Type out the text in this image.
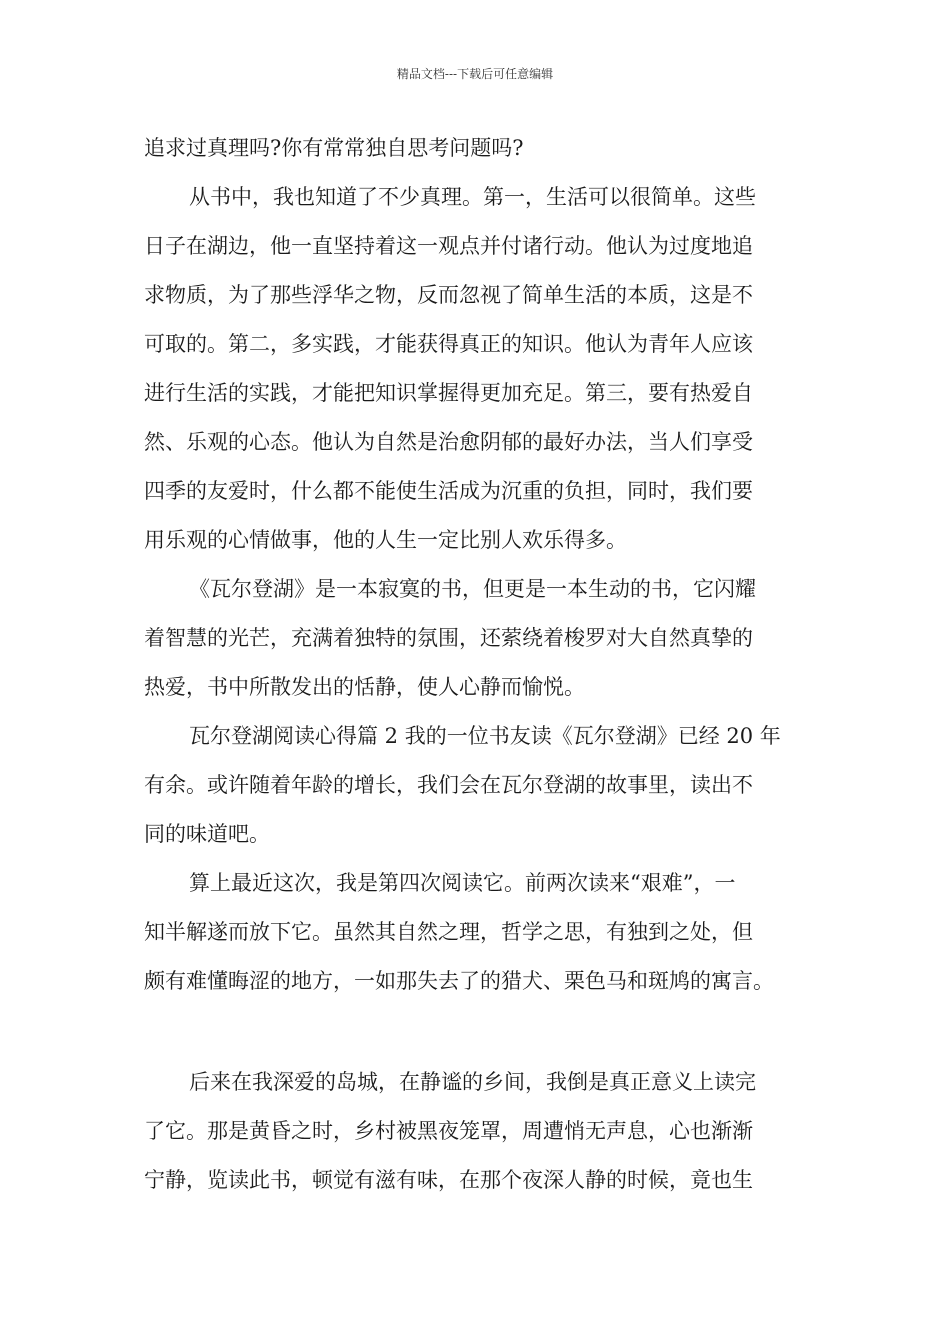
精品文档---下载后可任意编辑
追求过真理吗?你有常常独自思考问题吗?
从书中，我也知道了不少真理。第一，生活可以很简单。这些
日子在湖边，他一直坚持着这一观点并付诸行动。他认为过度地追
求物质，为了那些浮华之物，反而忽视了简单生活的本质，这是不
可取的。第二，多实践，才能获得真正的知识。他认为青年人应该
进行生活的实践，才能把知识掌握得更加充足。第三，要有热爱自
然、乐观的心态。他认为自然是治愈阴郁的最好办法，当人们享受
四季的友爱时，什么都不能使生活成为沉重的负担，同时，我们要
用乐观的心情做事，他的人生一定比别人欢乐得多。
《瓦尔登湖》是一本寂寞的书，但更是一本生动的书，它闪耀
着智慧的光芒，充满着独特的氛围，还萦绕着梭罗对大自然真挚的
热爱，书中所散发出的恬静，使人心静而愉悦。
瓦尔登湖阅读心得篇 2 我的一位书友读《瓦尔登湖》已经 20 年
有余。或许随着年龄的增长，我们会在瓦尔登湖的故事里，读出不
同的味道吧。
算上最近这次，我是第四次阅读它。前两次读来“艰难”，一
知半解遂而放下它。虽然其自然之理，哲学之思，有独到之处，但
颇有难懂晦涩的地方，一如那失去了的猎犬、栗色马和斑鸠的寓言。
后来在我深爱的岛城，在静谧的乡间，我倒是真正意义上读完
了它。那是黄昏之时，乡村被黑夜笼罩，周遭悄无声息，心也渐渐
宁静，览读此书，顿觉有滋有味，在那个夜深人静的时候，竟也生
